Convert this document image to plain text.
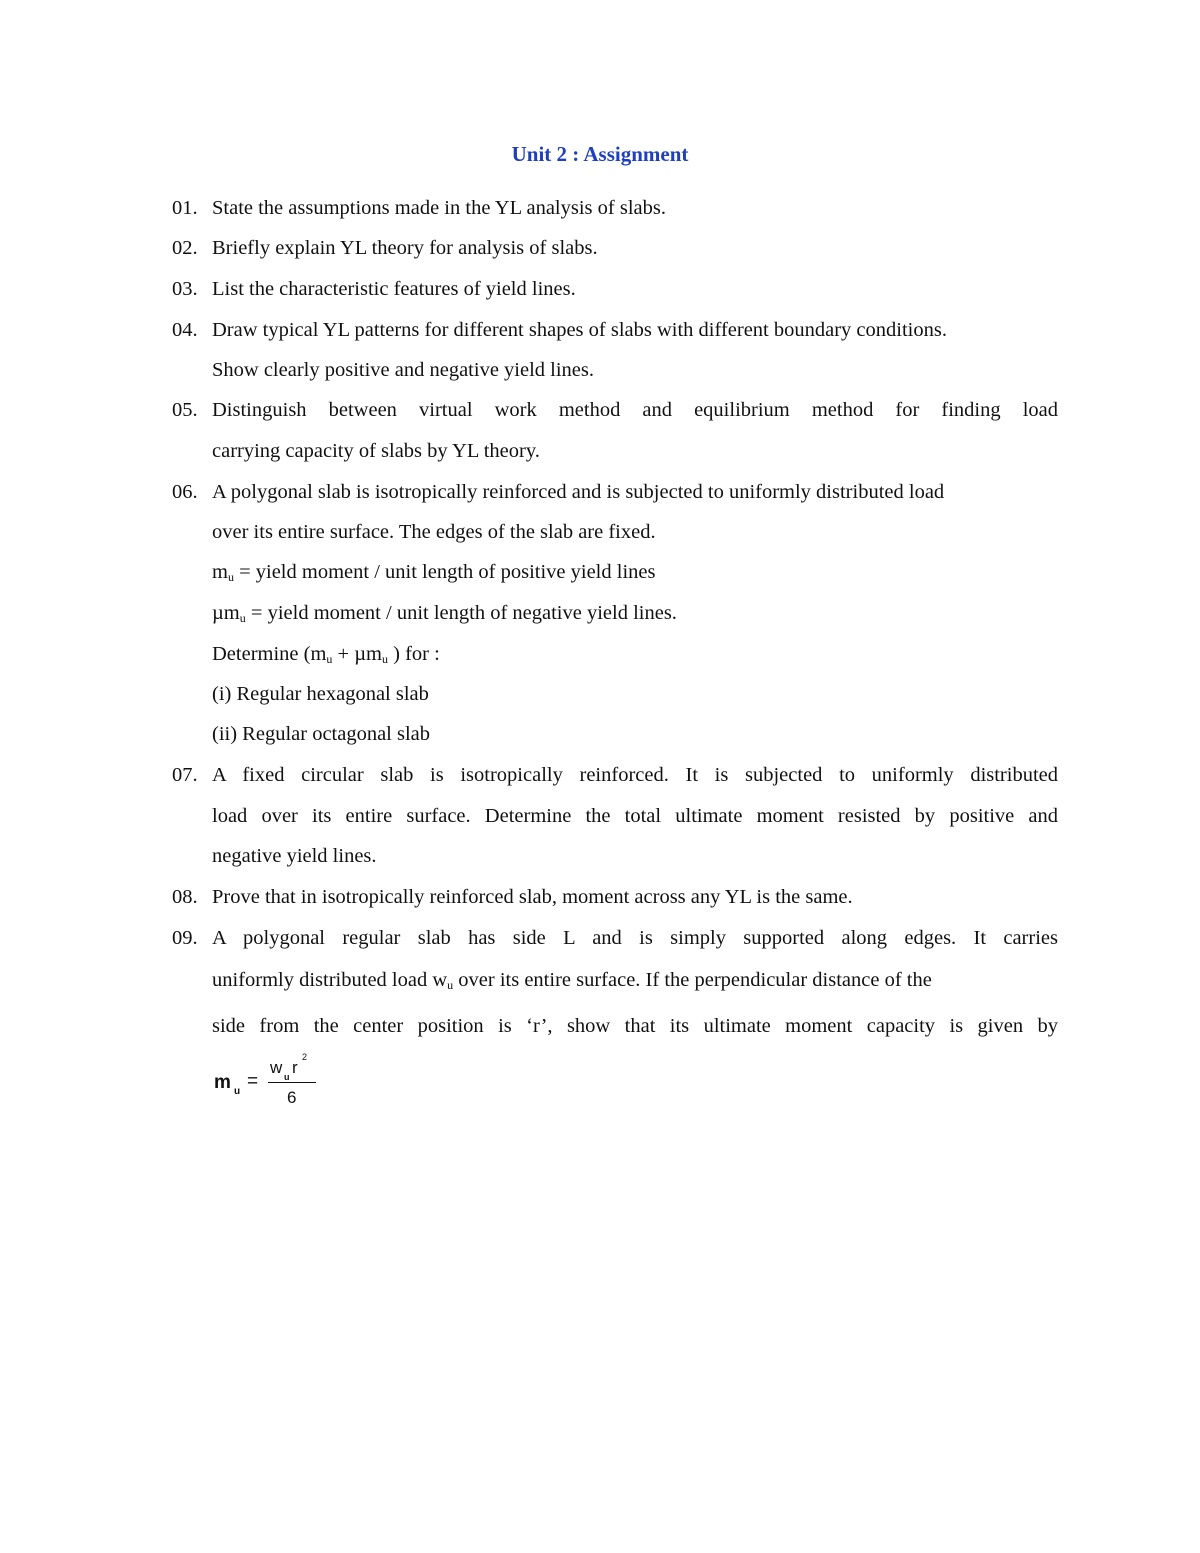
Unit 2 : Assignment
01. State the assumptions made in the YL analysis of slabs.
02. Briefly explain YL theory for analysis of slabs.
03. List the characteristic features of yield lines.
04. Draw typical YL patterns for different shapes of slabs with different boundary conditions.
Show clearly positive and negative yield lines.
05. Distinguish between virtual work method and equilibrium method for finding load
carrying capacity of slabs by YL theory.
06. A polygonal slab is isotropically reinforced and is subjected to uniformly distributed load
over its entire surface. The edges of the slab are fixed.
$m_u$ = yield moment / unit length of positive yield lines
µm$_u$ = yield moment / unit length of negative yield lines.
Determine ($m_u + \mu m_u$ ) for :
(i) Regular hexagonal slab
(ii) Regular octagonal slab
07. A fixed circular slab is isotropically reinforced. It is subjected to uniformly distributed
load over its entire surface. Determine the total ultimate moment resisted by positive and
negative yield lines.
08. Prove that in isotropically reinforced slab, moment across any YL is the same.
09. A polygonal regular slab has side L and is simply supported along edges. It carries
uniformly distributed load $w_u$ over its entire surface. If the perpendicular distance of the
side from the center position is ‘r’, show that its ultimate moment capacity is given by
m u =
w u r
2
6
